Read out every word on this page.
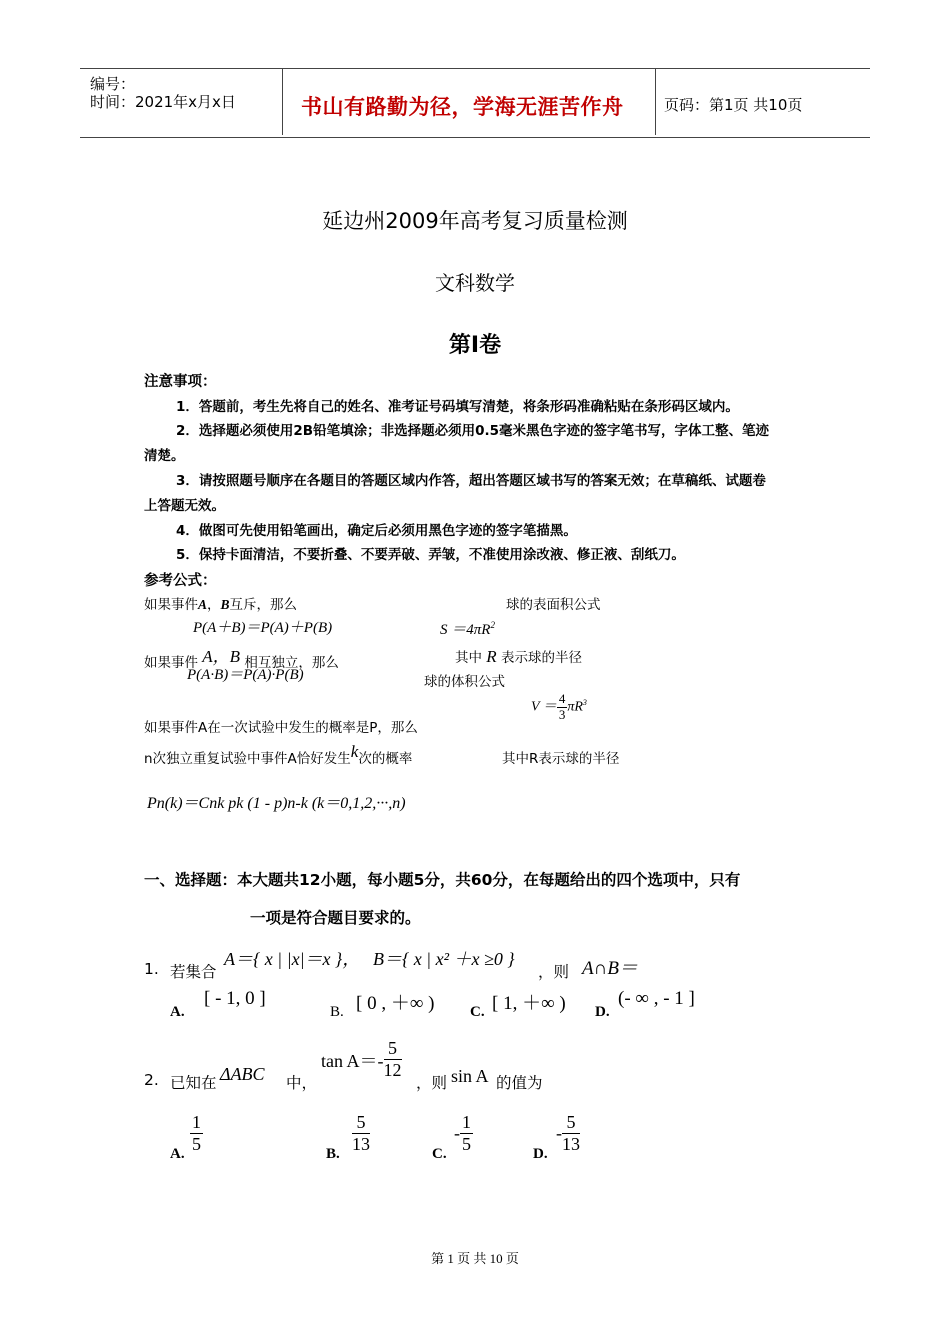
编号：
时间：2021年x月x日	书山有路勤为径，学海无涯苦作舟	页码：第1页 共10页
延边州2009年高考复习质量检测
文科数学
第Ⅰ卷
注意事项：
1．答题前，考生先将自己的姓名、准考证号码填写清楚，将条形码准确粘贴在条形码区域内。
2．选择题必须使用2B铅笔填涂；非选择题必须用0.5毫米黑色字迹的签字笔书写，字体工整、笔迹
清楚。
3．请按照题号顺序在各题目的答题区域内作答，超出答题区域书写的答案无效；在草稿纸、试题卷
上答题无效。
4．做图可先使用铅笔画出，确定后必须用黑色字迹的签字笔描黑。
5．保持卡面清洁，不要折叠、不要弄破、弄皱，不准使用涂改液、修正液、刮纸刀。
参考公式：
如果事件A，B互斥，那么
P(A＋B)＝P(A)＋P(B)
球的表面积公式
$S =4\pi R^2$
如果事件 A，B 相互独立，那么
P(A·B)＝P(A)·P(B)
其中 R 表示球的半径
球的体积公式
$V = \frac{4}{3} \pi R^3$
如果事件A在一次试验中发生的概率是P，那么
n次独立重复试验中事件A恰好发生k次的概率	其中R表示球的半径
Pn(k)＝Cnk pk (1 - p)n-k (k＝0,1,2,···,n)
一、选择题：本大题共12小题，每小题5分，共60分，在每题给出的四个选项中，只有
一项是符合题目要求的。
1. 若集合
A＝{ x | |x|＝x }， B＝{ x | x² ＋x ≥0 }
，则 A∩B＝
A.
[ - 1, 0 ]
B. [ 0 , ＋∞ ) C. [ 1, ＋∞ ) D.
(- ∞ , - 1 ]
2. 已知在 ΔABC 中，
$\tan A=- \frac{5}{12}$
，则 sin A 的值为
A. $\frac{1}{5}$	B. $\frac{5}{13}$	C.
- $\frac{1}{5}$	D.
- $\frac{5}{13}$
第 1 页 共 10 页
